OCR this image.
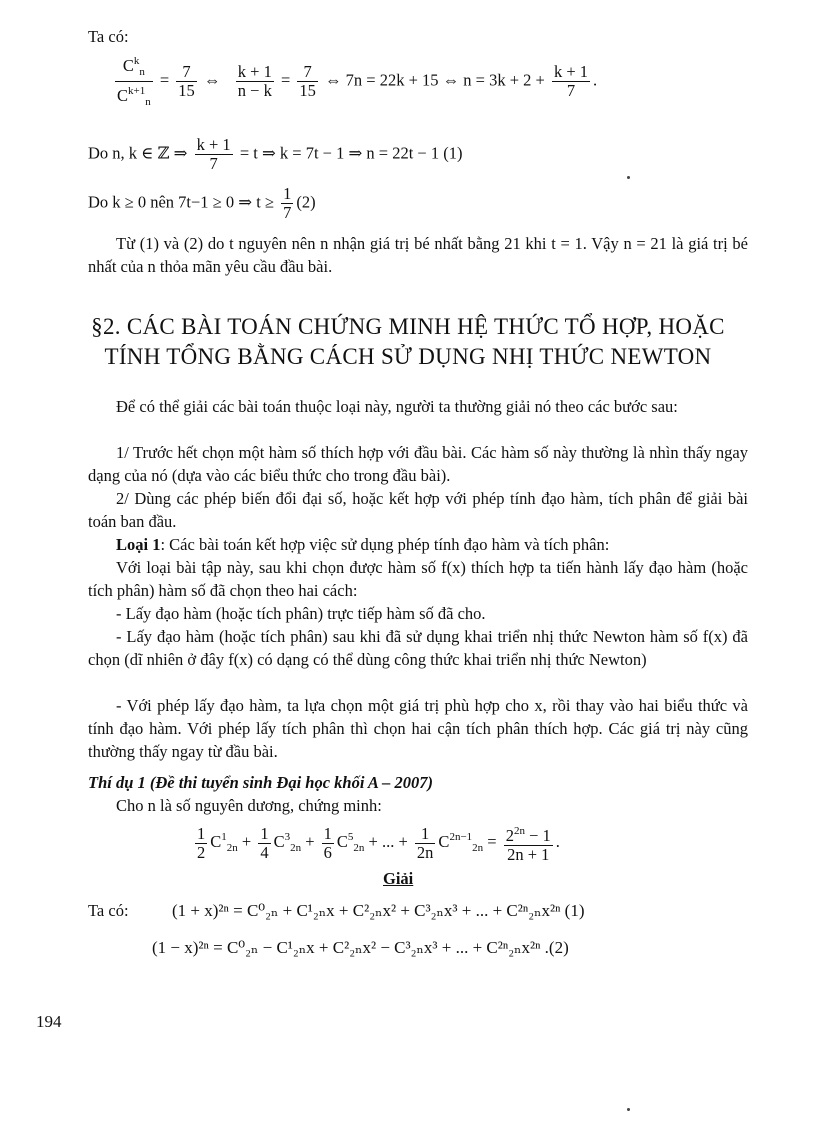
Ta có:
$\frac{C^k_n}{C^{k+1}_n} = \frac{7}{15}$ ⇔ $\frac{k + 1}{n - k} = \frac{7}{15}$ ⇔ 7n = 22k + 15 ⇔ $n = 3k + 2 + \frac{k + 1}{7}$ .
Do n, k ∈ ℤ ⇒ $\frac{k + 1}{7} = t$ ⇒ k = 7t − 1 ⇒ n = 22t − 1 (1)
Do k ≥ 0 nên 7t−1 ≥ 0 ⇒ $t \ge \frac{1}{7} (2)$
Từ (1) và (2) do t nguyên nên n nhận giá trị bé nhất bằng 21 khi t = 1. Vậy n = 21 là giá trị bé nhất của n thỏa mãn yêu cầu đầu bài.
§2. CÁC BÀI TOÁN CHỨNG MINH HỆ THỨC TỔ HỢP, HOẶC
TÍNH TỔNG BẰNG CÁCH SỬ DỤNG NHỊ THỨC NEWTON
Để có thể giải các bài toán thuộc loại này, người ta thường giải nó theo các bước sau:
1/ Trước hết chọn một hàm số thích hợp với đầu bài. Các hàm số này thường là nhìn thấy ngay dạng của nó (dựa vào các biểu thức cho trong đầu bài).
2/ Dùng các phép biến đổi đại số, hoặc kết hợp với phép tính đạo hàm, tích phân để giải bài toán ban đầu.
Loại 1: Các bài toán kết hợp việc sử dụng phép tính đạo hàm và tích phân:
Với loại bài tập này, sau khi chọn được hàm số f(x) thích hợp ta tiến hành lấy đạo hàm (hoặc tích phân) hàm số đã chọn theo hai cách:
- Lấy đạo hàm (hoặc tích phân) trực tiếp hàm số đã cho.
- Lấy đạo hàm (hoặc tích phân) sau khi đã sử dụng khai triển nhị thức Newton hàm số f(x) đã chọn (dĩ nhiên ở đây f(x) có dạng có thể dùng công thức khai triển nhị thức Newton)
- Với phép lấy đạo hàm, ta lựa chọn một giá trị phù hợp cho x, rồi thay vào hai biểu thức và tính đạo hàm. Với phép lấy tích phân thì chọn hai cận tích phân thích hợp. Các giá trị này cũng thường thấy ngay từ đầu bài.
Thí dụ 1 (Đề thi tuyển sinh Đại học khối A – 2007)
Cho n là số nguyên dương, chứng minh:
$\frac{1}{2} C^1_{2n} + \frac{1}{4} C^3_{2n} + \frac{1}{6} C^5_{2n}$ + ... + $\frac{1}{2n} C^{2n-1}_{2n} = \frac{2^{2n} - 1}{2n + 1}$ .
Giải
Ta có:	(1 + x)²ⁿ = C⁰₂ₙ + C¹₂ₙx + C²₂ₙx² + C³₂ₙx³ + ... + C²ⁿ₂ₙx²ⁿ (1)
(1 − x)²ⁿ = C⁰₂ₙ − C¹₂ₙx + C²₂ₙx² − C³₂ₙx³ + ... + C²ⁿ₂ₙx²ⁿ .(2)
194
